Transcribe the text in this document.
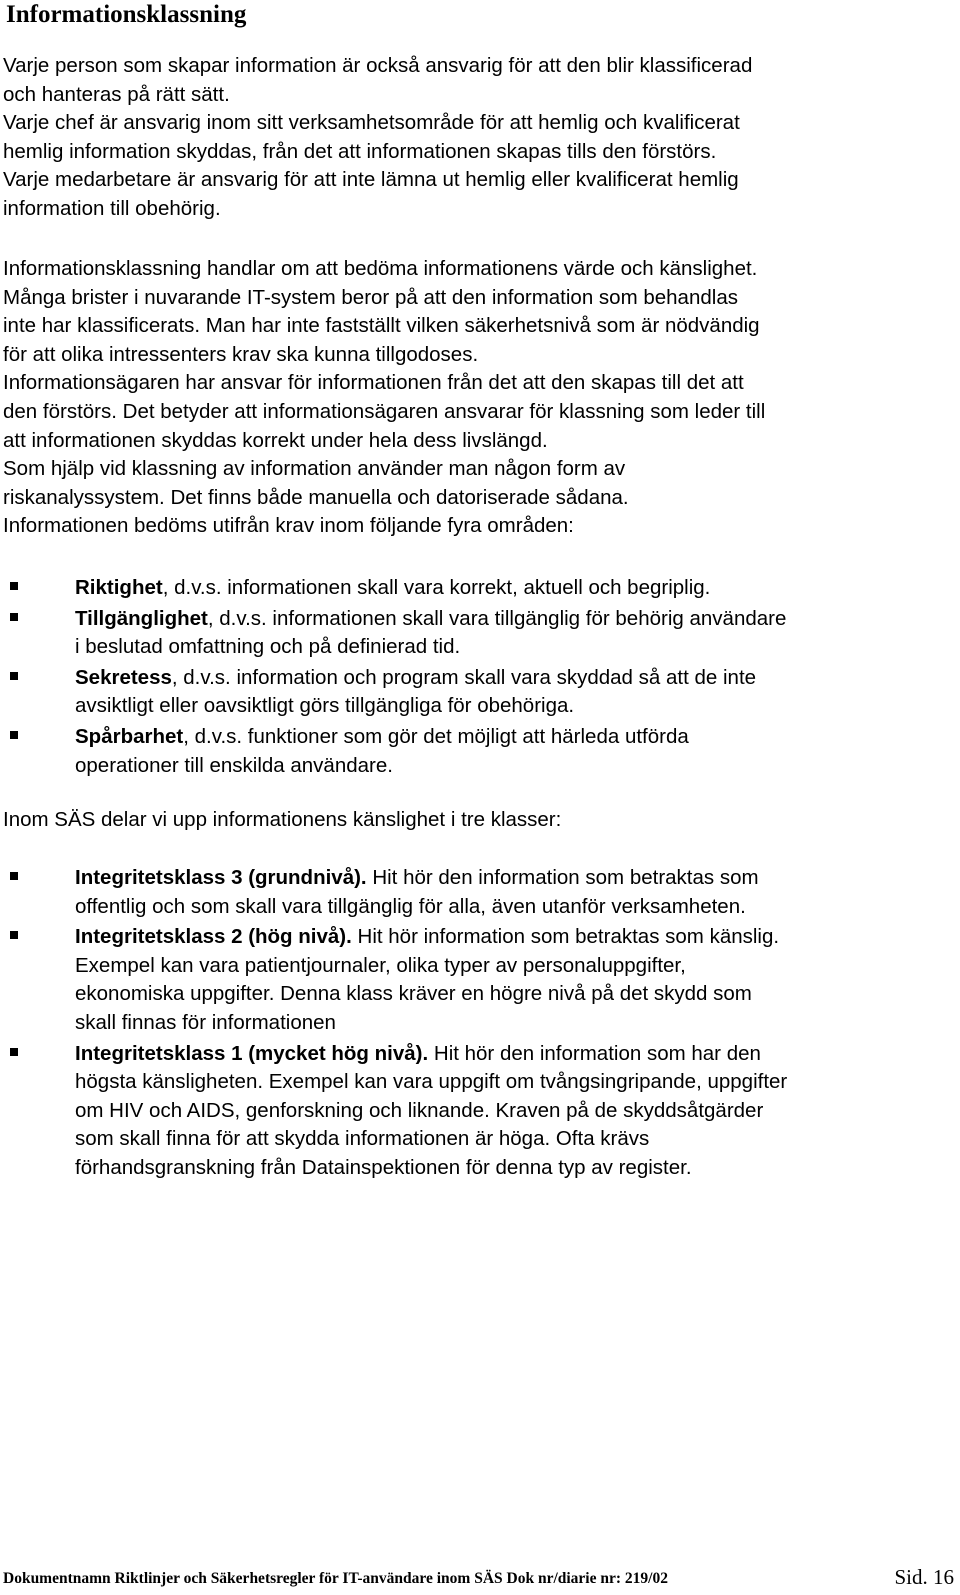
Informationsklassning
Varje person som skapar information är också ansvarig för att den blir klassificerad
och hanteras på rätt sätt.
Varje chef är ansvarig inom sitt verksamhetsområde för att hemlig och kvalificerat
hemlig information skyddas, från det att informationen skapas tills den förstörs.
Varje medarbetare är ansvarig för att inte lämna ut hemlig eller kvalificerat hemlig
information till obehörig.
Informationsklassning handlar om att bedöma informationens värde och känslighet.
Många brister i nuvarande IT-system beror på att den information som behandlas
inte har klassificerats. Man har inte fastställt vilken säkerhetsnivå som är nödvändig
för att olika intressenters krav ska kunna tillgodoses.
Informationsägaren har ansvar för informationen från det att den skapas till det att
den förstörs. Det betyder att informationsägaren ansvarar för klassning som leder till
att informationen skyddas korrekt under hela dess livslängd.
Som hjälp vid klassning av information använder man någon form av
riskanalyssystem. Det finns både manuella och datoriserade sådana.
Informationen bedöms utifrån krav inom följande fyra områden:
Riktighet, d.v.s. informationen skall vara korrekt, aktuell och begriplig.
Tillgänglighet, d.v.s. informationen skall vara tillgänglig för behörig användare
i beslutad omfattning och på definierad tid.
Sekretess, d.v.s. information och program skall vara skyddad så att de inte
avsiktligt eller oavsiktligt görs tillgängliga för obehöriga.
Spårbarhet, d.v.s. funktioner som gör det möjligt att härleda utförda
operationer till enskilda användare.
Inom SÄS delar vi upp informationens känslighet i tre klasser:
Integritetsklass 3 (grundnivå). Hit hör den information som betraktas som
offentlig och som skall vara tillgänglig för alla, även utanför verksamheten.
Integritetsklass 2 (hög nivå). Hit hör information som betraktas som känslig.
Exempel kan vara patientjournaler, olika typer av personaluppgifter,
ekonomiska uppgifter. Denna klass kräver en högre nivå på det skydd som
skall finnas för informationen
Integritetsklass 1 (mycket hög nivå). Hit hör den information som har den
högsta känsligheten. Exempel kan vara uppgift om tvångsingripande, uppgifter
om HIV och AIDS, genforskning och liknande. Kraven på de skyddsåtgärder
som skall finna för att skydda informationen är höga. Ofta krävs
förhandsgranskning från Datainspektionen för denna typ av register.
Dokumentnamn Riktlinjer och Säkerhetsregler för IT-användare inom SÄS Dok nr/diarie nr: 219/02	Sid. 16
